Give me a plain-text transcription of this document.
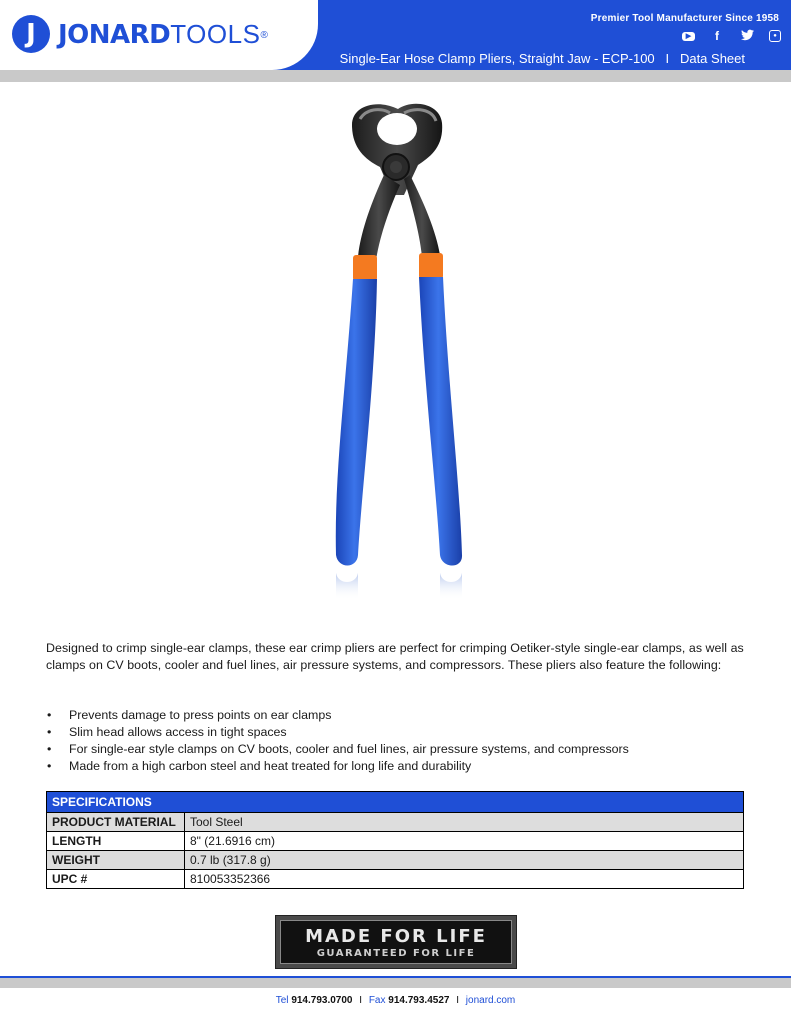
J JONARDTOOLS®
Premier Tool Manufacturer Since 1958
▶	f	●
Single-Ear Hose Clamp Pliers, Straight Jaw - ECP-100   I   Data Sheet
Designed to crimp single-ear clamps, these ear crimp pliers are perfect for crimping Oetiker-style single-ear clamps, as well as clamps on CV boots, cooler and fuel lines, air pressure systems, and compressors. These pliers also feature the following:
• Prevents damage to press points on ear clamps
• Slim head allows access in tight spaces
• For single-ear style clamps on CV boots, cooler and fuel lines, air pressure systems, and compressors
• Made from a high carbon steel and heat treated for long life and durability
SPECIFICATIONS	
PRODUCT MATERIAL	Tool Steel
LENGTH	8" (21.6916 cm)
WEIGHT	0.7 lb (317.8 g)
UPC #	810053352366
MADE FOR LIFE
GUARANTEED FOR LIFE
Tel 914.793.0700 I Fax 914.793.4527 I jonard.com
